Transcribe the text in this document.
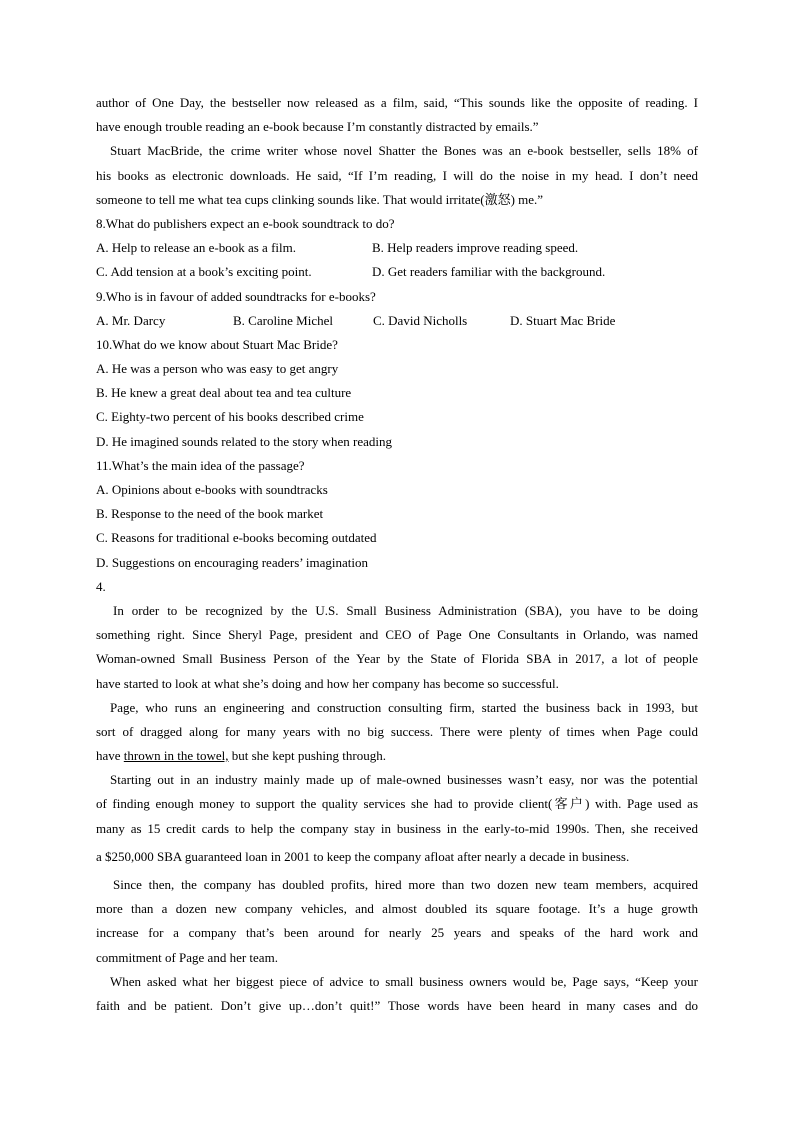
author of One Day, the bestseller now released as a film, said, “This sounds like the opposite of reading. I
have enough trouble reading an e-book because I’m constantly distracted by emails.”
Stuart MacBride, the crime writer whose novel Shatter the Bones was an e-book bestseller, sells 18% of
his books as electronic downloads. He said, “If I’m reading, I will do the noise in my head. I don’t need
someone to tell me what tea cups clinking sounds like. That would irritate(激怒) me.”
8.What do publishers expect an e-book soundtrack to do?
A. Help to release an e-book as a film.	B. Help readers improve reading speed.
C. Add tension at a book’s exciting point.	D. Get readers familiar with the background.
9.Who is in favour of added soundtracks for e-books?
A. Mr. Darcy	B. Caroline Michel	C. David Nicholls	D. Stuart Mac Bride
10.What do we know about Stuart Mac Bride?
A. He was a person who was easy to get angry
B. He knew a great deal about tea and tea culture
C. Eighty-two percent of his books described crime
D. He imagined sounds related to the story when reading
11.What’s the main idea of the passage?
A. Opinions about e-books with soundtracks
B. Response to the need of the book market
C. Reasons for traditional e-books becoming outdated
D. Suggestions on encouraging readers’ imagination
4.
In order to be recognized by the U.S. Small Business Administration (SBA), you have to be doing
something right. Since Sheryl Page, president and CEO of Page One Consultants in Orlando, was named
Woman-owned Small Business Person of the Year by the State of Florida SBA in 2017, a lot of people
have started to look at what she’s doing and how her company has become so successful.
Page, who runs an engineering and construction consulting firm, started the business back in 1993, but
sort of dragged along for many years with no big success. There were plenty of times when Page could
have thrown in the towel, but she kept pushing through.
Starting out in an industry mainly made up of male-owned businesses wasn’t easy, nor was the potential
of finding enough money to support the quality services she had to provide client(客户) with. Page used as
many as 15 credit cards to help the company stay in business in the early-to-mid 1990s. Then, she received
a $250,000 SBA guaranteed loan in 2001 to keep the company afloat after nearly a decade in business.
Since then, the company has doubled profits, hired more than two dozen new team members, acquired
more than a dozen new company vehicles, and almost doubled its square footage. It’s a huge growth
increase for a company that’s been around for nearly 25 years and speaks of the hard work and
commitment of Page and her team.
When asked what her biggest piece of advice to small business owners would be, Page says, “Keep your
faith and be patient. Don’t give up…don’t quit!” Those words have been heard in many cases and do
